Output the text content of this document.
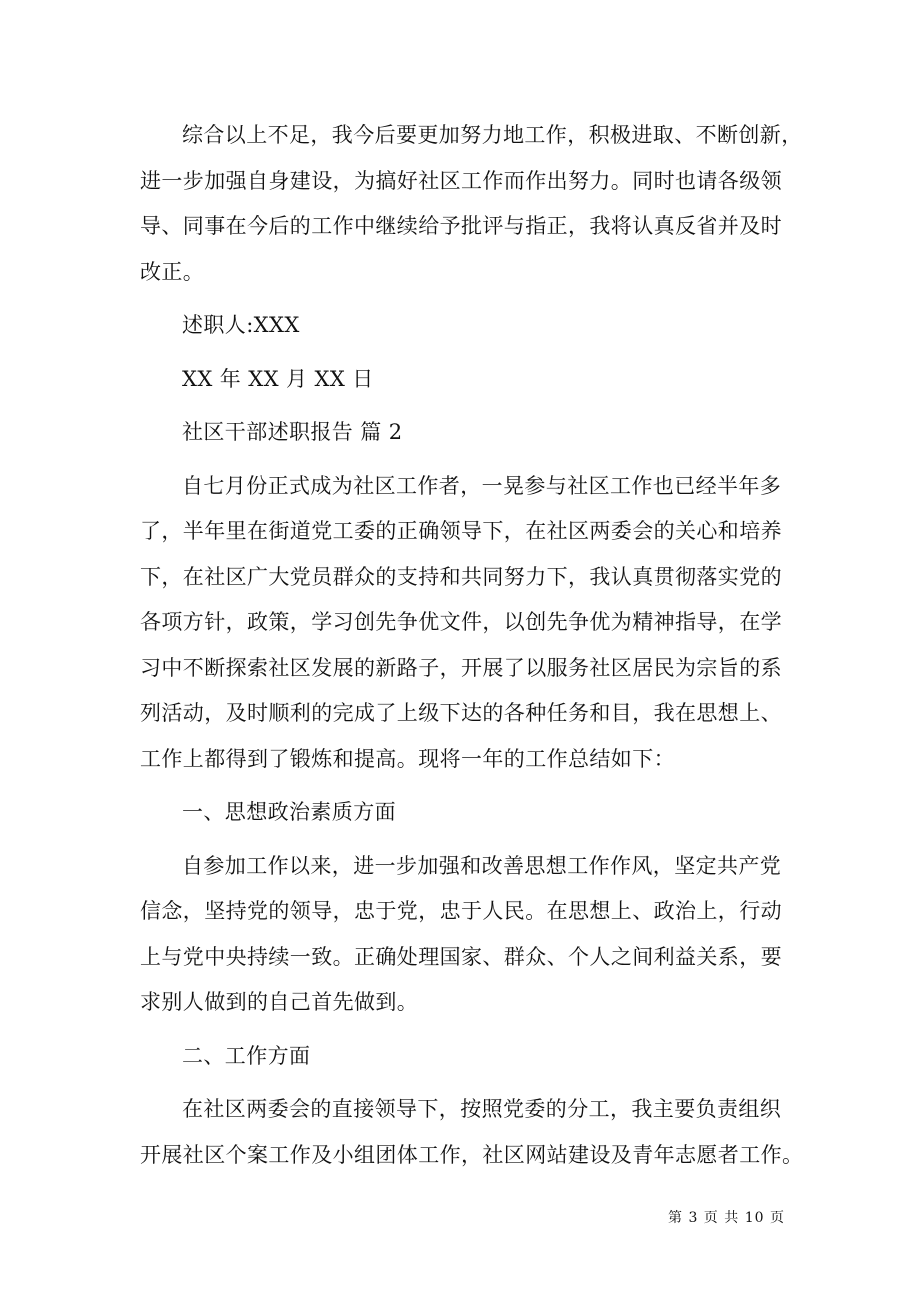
综合以上不足，我今后要更加努力地工作，积极进取、不断创新，
进一步加强自身建设，为搞好社区工作而作出努力。同时也请各级领
导、同事在今后的工作中继续给予批评与指正，我将认真反省并及时
改正。
述职人:XXX
XX 年 XX 月 XX 日
社区干部述职报告 篇 2
自七月份正式成为社区工作者，一晃参与社区工作也已经半年多
了，半年里在街道党工委的正确领导下，在社区两委会的关心和培养
下，在社区广大党员群众的支持和共同努力下，我认真贯彻落实党的
各项方针，政策，学习创先争优文件，以创先争优为精神指导，在学
习中不断探索社区发展的新路子，开展了以服务社区居民为宗旨的系
列活动，及时顺利的完成了上级下达的各种任务和目，我在思想上、
工作上都得到了锻炼和提高。现将一年的工作总结如下：
一、思想政治素质方面
自参加工作以来，进一步加强和改善思想工作作风，坚定共产党
信念，坚持党的领导，忠于党，忠于人民。在思想上、政治上，行动
上与党中央持续一致。正确处理国家、群众、个人之间利益关系，要
求别人做到的自己首先做到。
二、工作方面
在社区两委会的直接领导下，按照党委的分工，我主要负责组织
开展社区个案工作及小组团体工作，社区网站建设及青年志愿者工作。
第 3 页 共 10 页
